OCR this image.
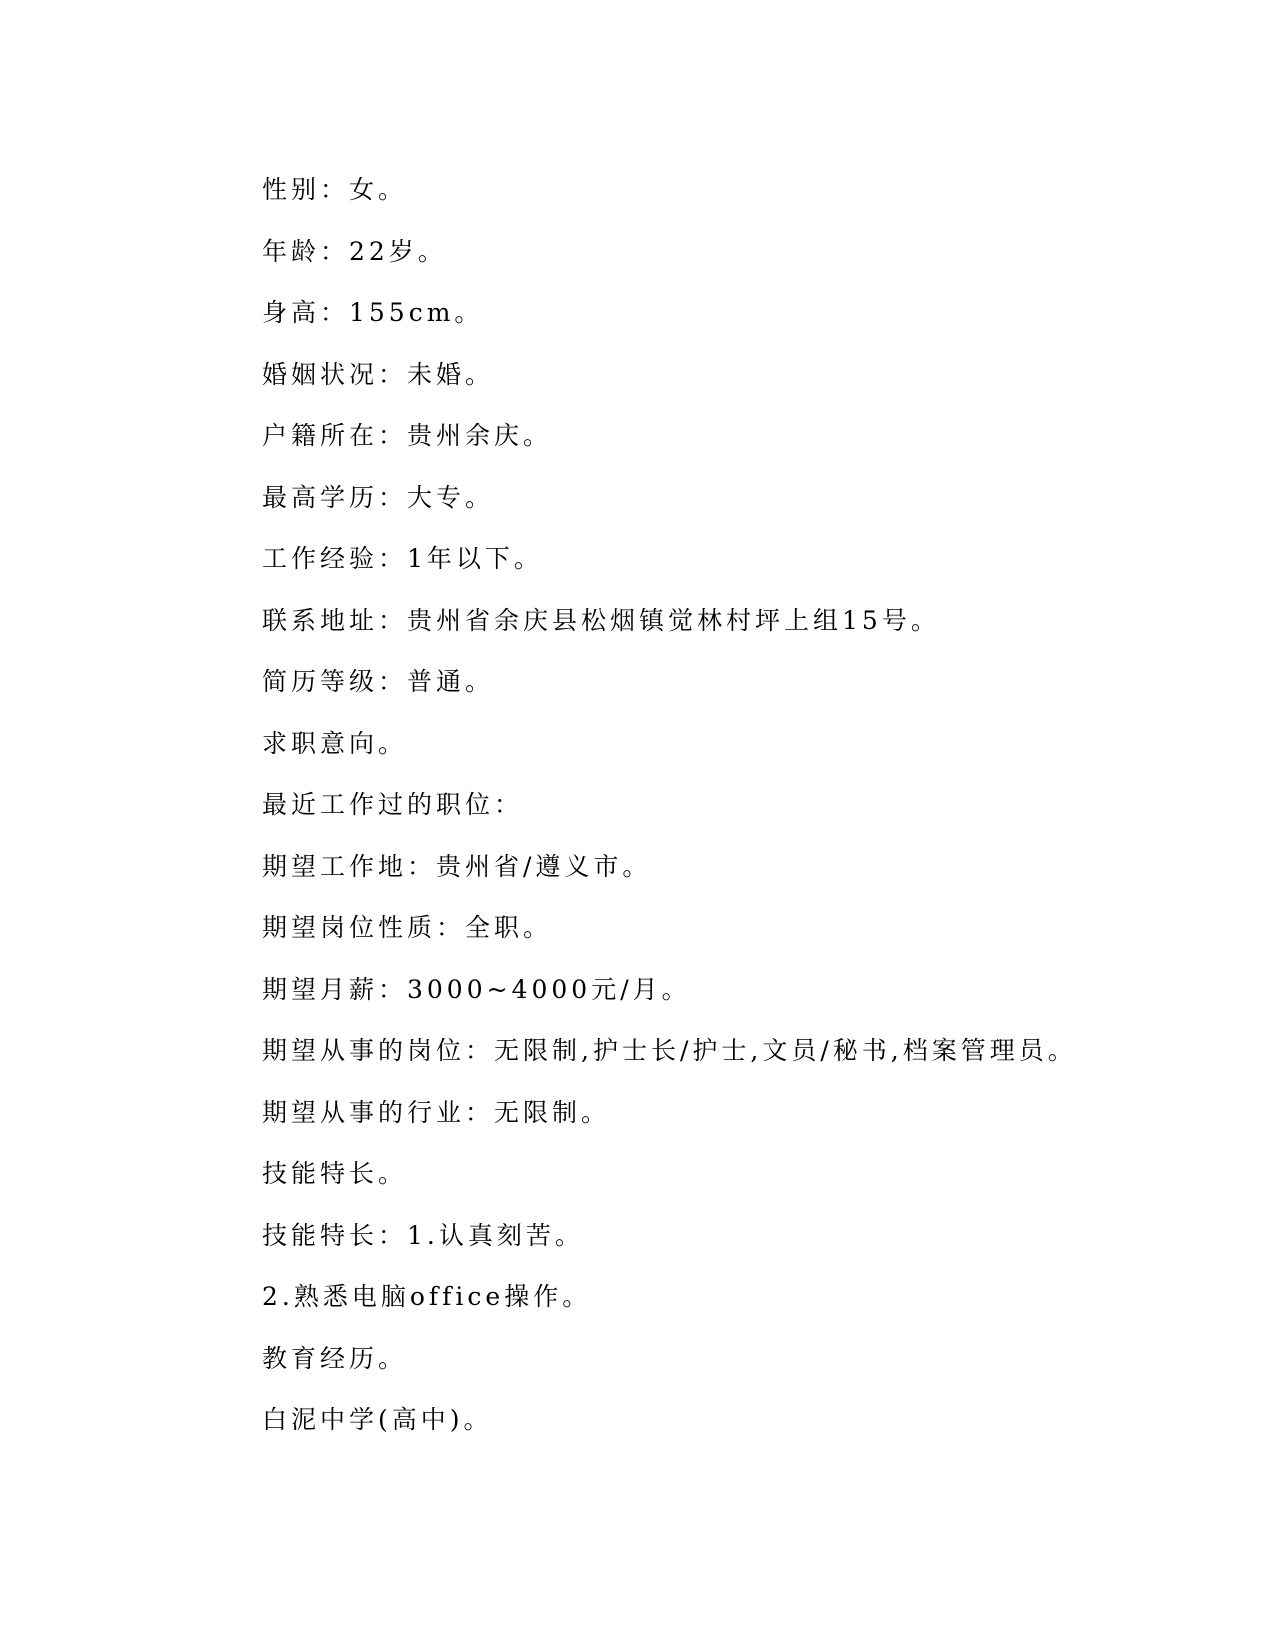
性别：女。
年龄：22岁。
身高：155cm。
婚姻状况：未婚。
户籍所在：贵州余庆。
最高学历：大专。
工作经验：1年以下。
联系地址：贵州省余庆县松烟镇觉林村坪上组15号。
简历等级：普通。
求职意向。
最近工作过的职位：
期望工作地：贵州省/遵义市。
期望岗位性质：全职。
期望月薪：3000~4000元/月。
期望从事的岗位：无限制,护士长/护士,文员/秘书,档案管理员。
期望从事的行业：无限制。
技能特长。
技能特长：1.认真刻苦。
2.熟悉电脑office操作。
教育经历。
白泥中学(高中)。
